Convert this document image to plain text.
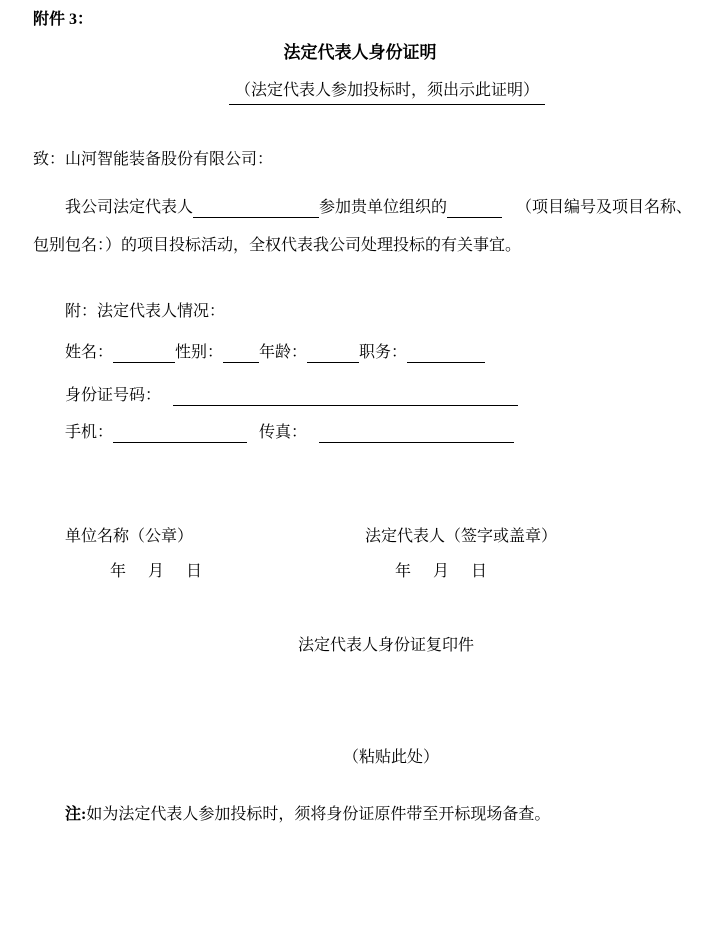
附件 3：
法定代表人身份证明
（法定代表人参加投标时，须出示此证明）
致：山河智能装备股份有限公司：
我公司法定代表人	参加贵单位组织的	（项目编号及项目名称、
包别包名：）的项目投标活动，全权代表我公司处理投标的有关事宜。
附：法定代表人情况：
姓名：	性别： 年龄：	职务：
身份证号码：
手机：	传真：
单位名称（公章）	法定代表人（签字或盖章）
年　月　日	年　月　日
法定代表人身份证复印件
（粘贴此处）
注:如为法定代表人参加投标时，须将身份证原件带至开标现场备查。
